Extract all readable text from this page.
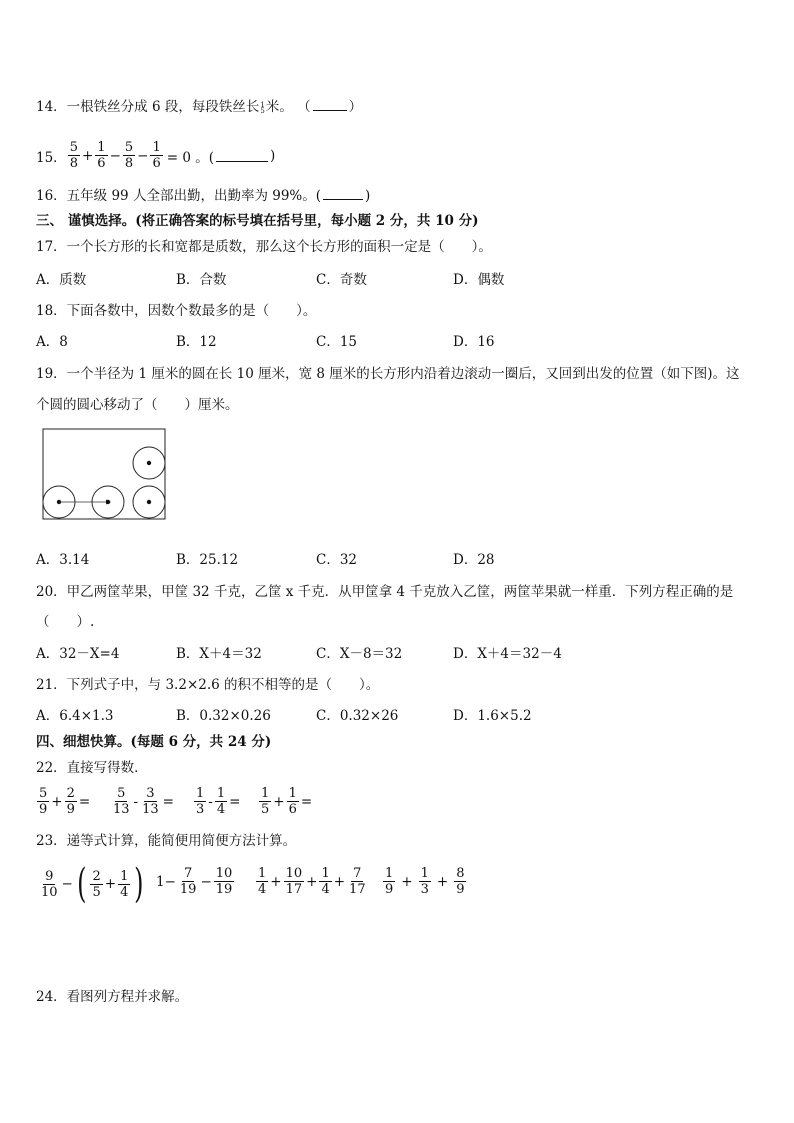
14．一根铁丝分成 6 段，每段铁丝长 1
5 米。 （	）
15． $\frac{5}{8} + \frac{1}{6} - \frac{5}{8} - \frac{1}{6} = 0$ 。(	)
16．五年级 99 人全部出勤，出勤率为 99%。(	)
三、 谨慎选择。(将正确答案的标号填在括号里，每小题 2 分，共 10 分)
17．一个长方形的长和宽都是质数，那么这个长方形的面积一定是（　　）。
A．质数	B．合数	C．奇数	D．偶数
18．下面各数中，因数个数最多的是（　　）。
A．8	B．12	C．15	D．16
19．一个半径为 1 厘米的圆在长 10 厘米，宽 8 厘米的长方形内沿着边滚动一圈后，又回到出发的位置（如下图)。这
个圆的圆心移动了（　　）厘米。
A．3.14	B．25.12	C．32	D．28
20．甲乙两筐苹果，甲筐 32 千克，乙筐 x 千克．从甲筐拿 4 千克放入乙筐，两筐苹果就一样重．下列方程正确的是
（　　）.
A．32－X=4	B．X＋4＝32	C．X－8＝32	D．X＋4＝32－4
21．下列式子中，与 3.2×2.6 的积不相等的是（　　）。
A．6.4×1.3	B．0.32×0.26	C．0.32×26	D．1.6×5.2
四、细想快算。(每题 6 分，共 24 分)
22．直接写得数．
$\frac{5}{9} + \frac{2}{9} = \frac{5}{13} - \frac{3}{13} = \frac{1}{3} - \frac{1}{4} = \frac{1}{5} + \frac{1}{6}$ =
23．递等式计算，能简便用简便方法计算。
$\frac{9}{10}$ − ( $\frac{2}{5} + \frac{1}{4}$ ) $1- \frac{7}{19} - \frac{10}{19} \frac{1}{4} + \frac{10}{17} + \frac{1}{4} + \frac{7}{17} \frac{1}{9} + \frac{1}{3} + \frac{8}{9}$
24．看图列方程并求解。
